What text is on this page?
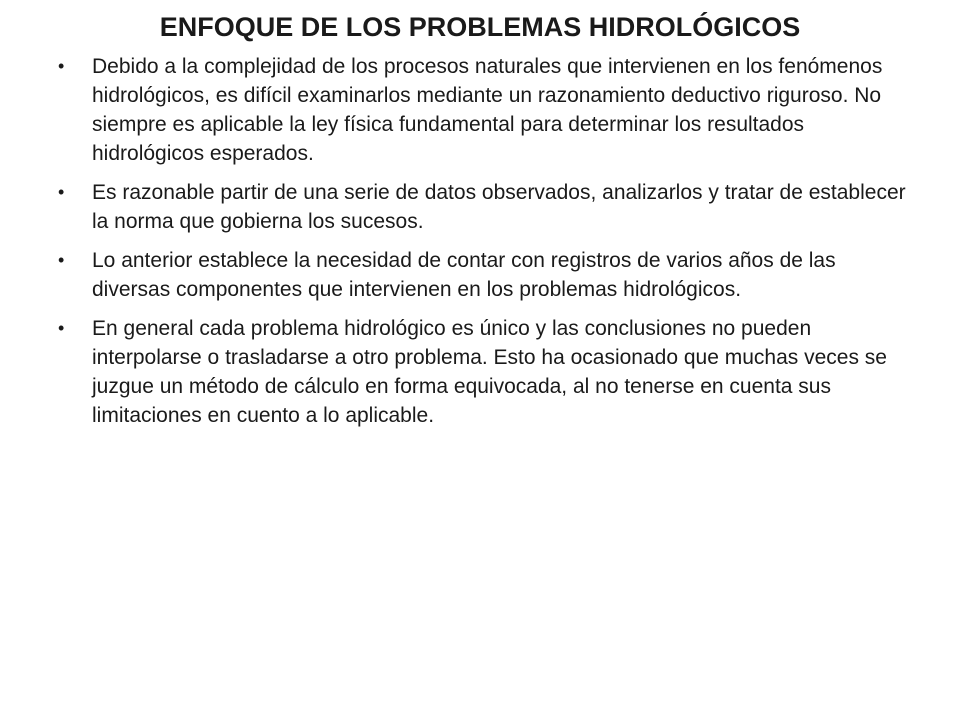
ENFOQUE DE LOS PROBLEMAS HIDROLÓGICOS
• Debido a la complejidad de los procesos naturales que intervienen en los fenómenos hidrológicos, es difícil examinarlos mediante un razonamiento deductivo riguroso. No siempre es aplicable la ley física fundamental para determinar los resultados hidrológicos esperados.
• Es razonable partir de una serie de datos observados, analizarlos y tratar de establecer la norma que gobierna los sucesos.
• Lo anterior establece la necesidad de contar con registros de varios años de las diversas componentes que intervienen en los problemas hidrológicos.
• En general cada problema hidrológico es único y las conclusiones no pueden interpolarse o trasladarse a otro problema. Esto ha ocasionado que muchas veces se juzgue un método de cálculo en forma equivocada, al no tenerse en cuenta sus limitaciones en cuento a lo aplicable.
